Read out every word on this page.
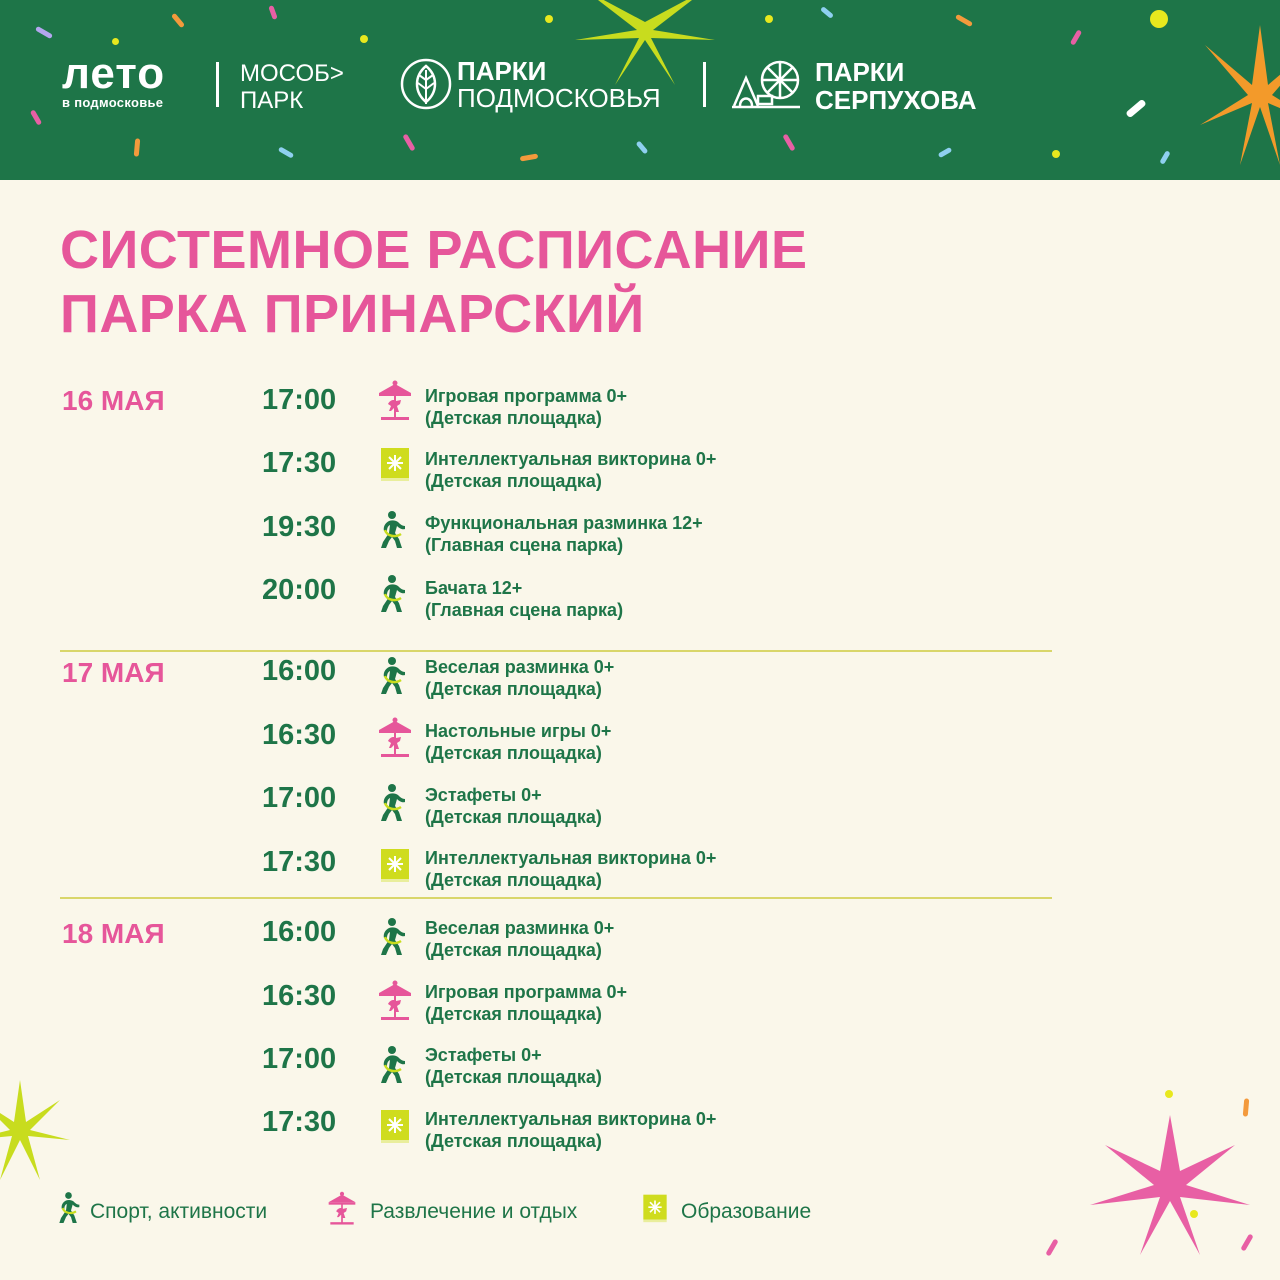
лето
в подмосковье
МОСОБ>
ПАРК
ПАРКИ
ПОДМОСКОВЬЯ
ПАРКИ
СЕРПУХОВА
СИСТЕМНОЕ РАСПИСАНИЕ
ПАРКА ПРИНАРСКИЙ
16 МАЯ	17:00	Игровая программа 0+
(Детская площадка)
17:30	Интеллектуальная викторина 0+
(Детская площадка)
19:30	Функциональная разминка 12+
(Главная сцена парка)
20:00	Бачата 12+
(Главная сцена парка)
17 МАЯ	16:00	Веселая разминка 0+
(Детская площадка)
16:30	Настольные игры 0+
(Детская площадка)
17:00	Эстафеты 0+
(Детская площадка)
17:30	Интеллектуальная викторина 0+
(Детская площадка)
18 МАЯ	16:00	Веселая разминка 0+
(Детская площадка)
16:30	Игровая программа 0+
(Детская площадка)
17:00	Эстафеты 0+
(Детская площадка)
17:30	Интеллектуальная викторина 0+
(Детская площадка)
Спорт, активности	Развлечение и отдых	Образование
